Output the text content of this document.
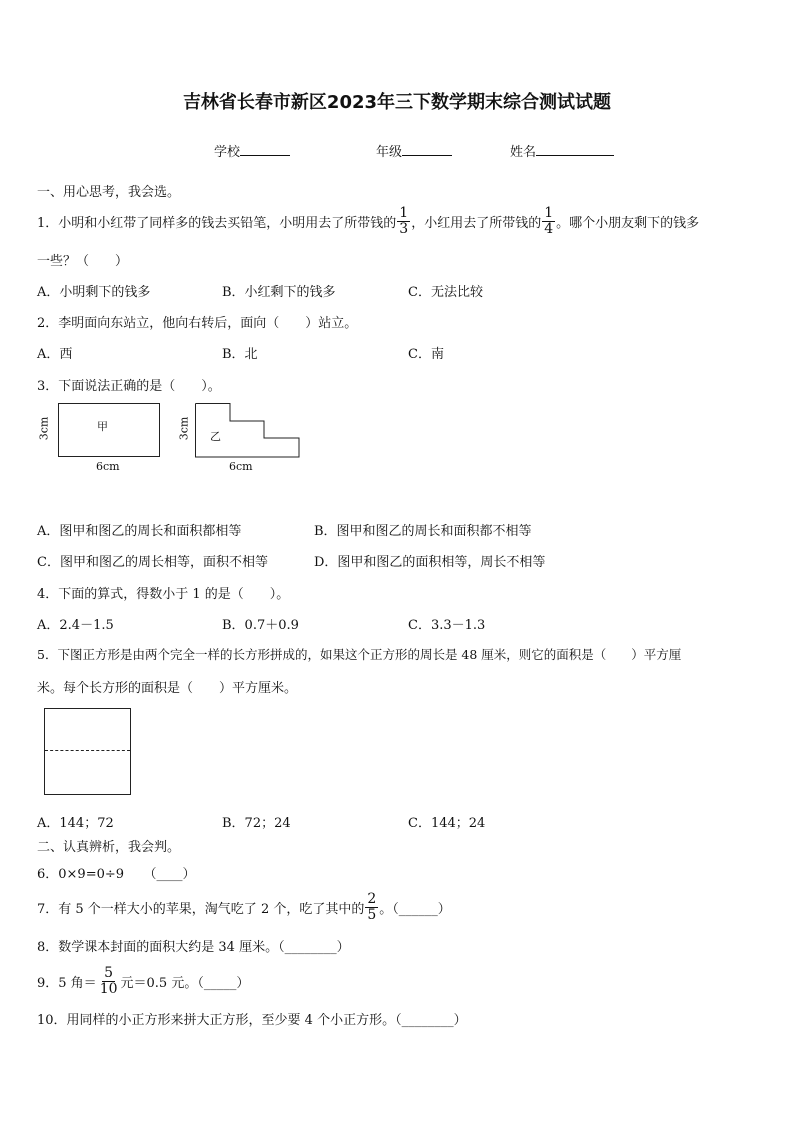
吉林省长春市新区2023年三下数学期末综合测试试题
学校	年级	姓名
一、用心思考，我会选。
1．小明和小红带了同样多的钱去买铅笔，小明用去了所带钱的 $\frac{1}{3}$ ，小红用去了所带钱的 $\frac{1}{4}$ 。哪个小朋友剩下的钱多
一些？（　　）
A．小明剩下的钱多	B．小红剩下的钱多	C．无法比较
2．李明面向东站立，他向右转后，面向（　　）站立。
A．西	B．北	C．南
3．下面说法正确的是（　　）。
甲
3cm
6cm
乙
3cm
6cm
A．图甲和图乙的周长和面积都相等	B．图甲和图乙的周长和面积都不相等
C．图甲和图乙的周长相等，面积不相等	D．图甲和图乙的面积相等，周长不相等
4．下面的算式，得数小于 1 的是（　　）。
A．2.4－1.5	B．0.7＋0.9	C．3.3－1.3
5．下图正方形是由两个完全一样的长方形拼成的，如果这个正方形的周长是 48 厘米，则它的面积是（　　）平方厘
米。每个长方形的面积是（　　）平方厘米。
A．144；72	B．72；24	C．144；24
二、认真辨析，我会判。
6．0×9=0÷9　　（____）
7．有 5 个一样大小的苹果，淘气吃了 2 个，吃了其中的 $\frac{2}{5}$ 。（______）
8．数学课本封面的面积大约是 34 厘米。（________）
9．5 角＝ $\frac{5}{10}$ 元＝0.5 元。（_____）
10．用同样的小正方形来拼大正方形，至少要 4 个小正方形。（________）
